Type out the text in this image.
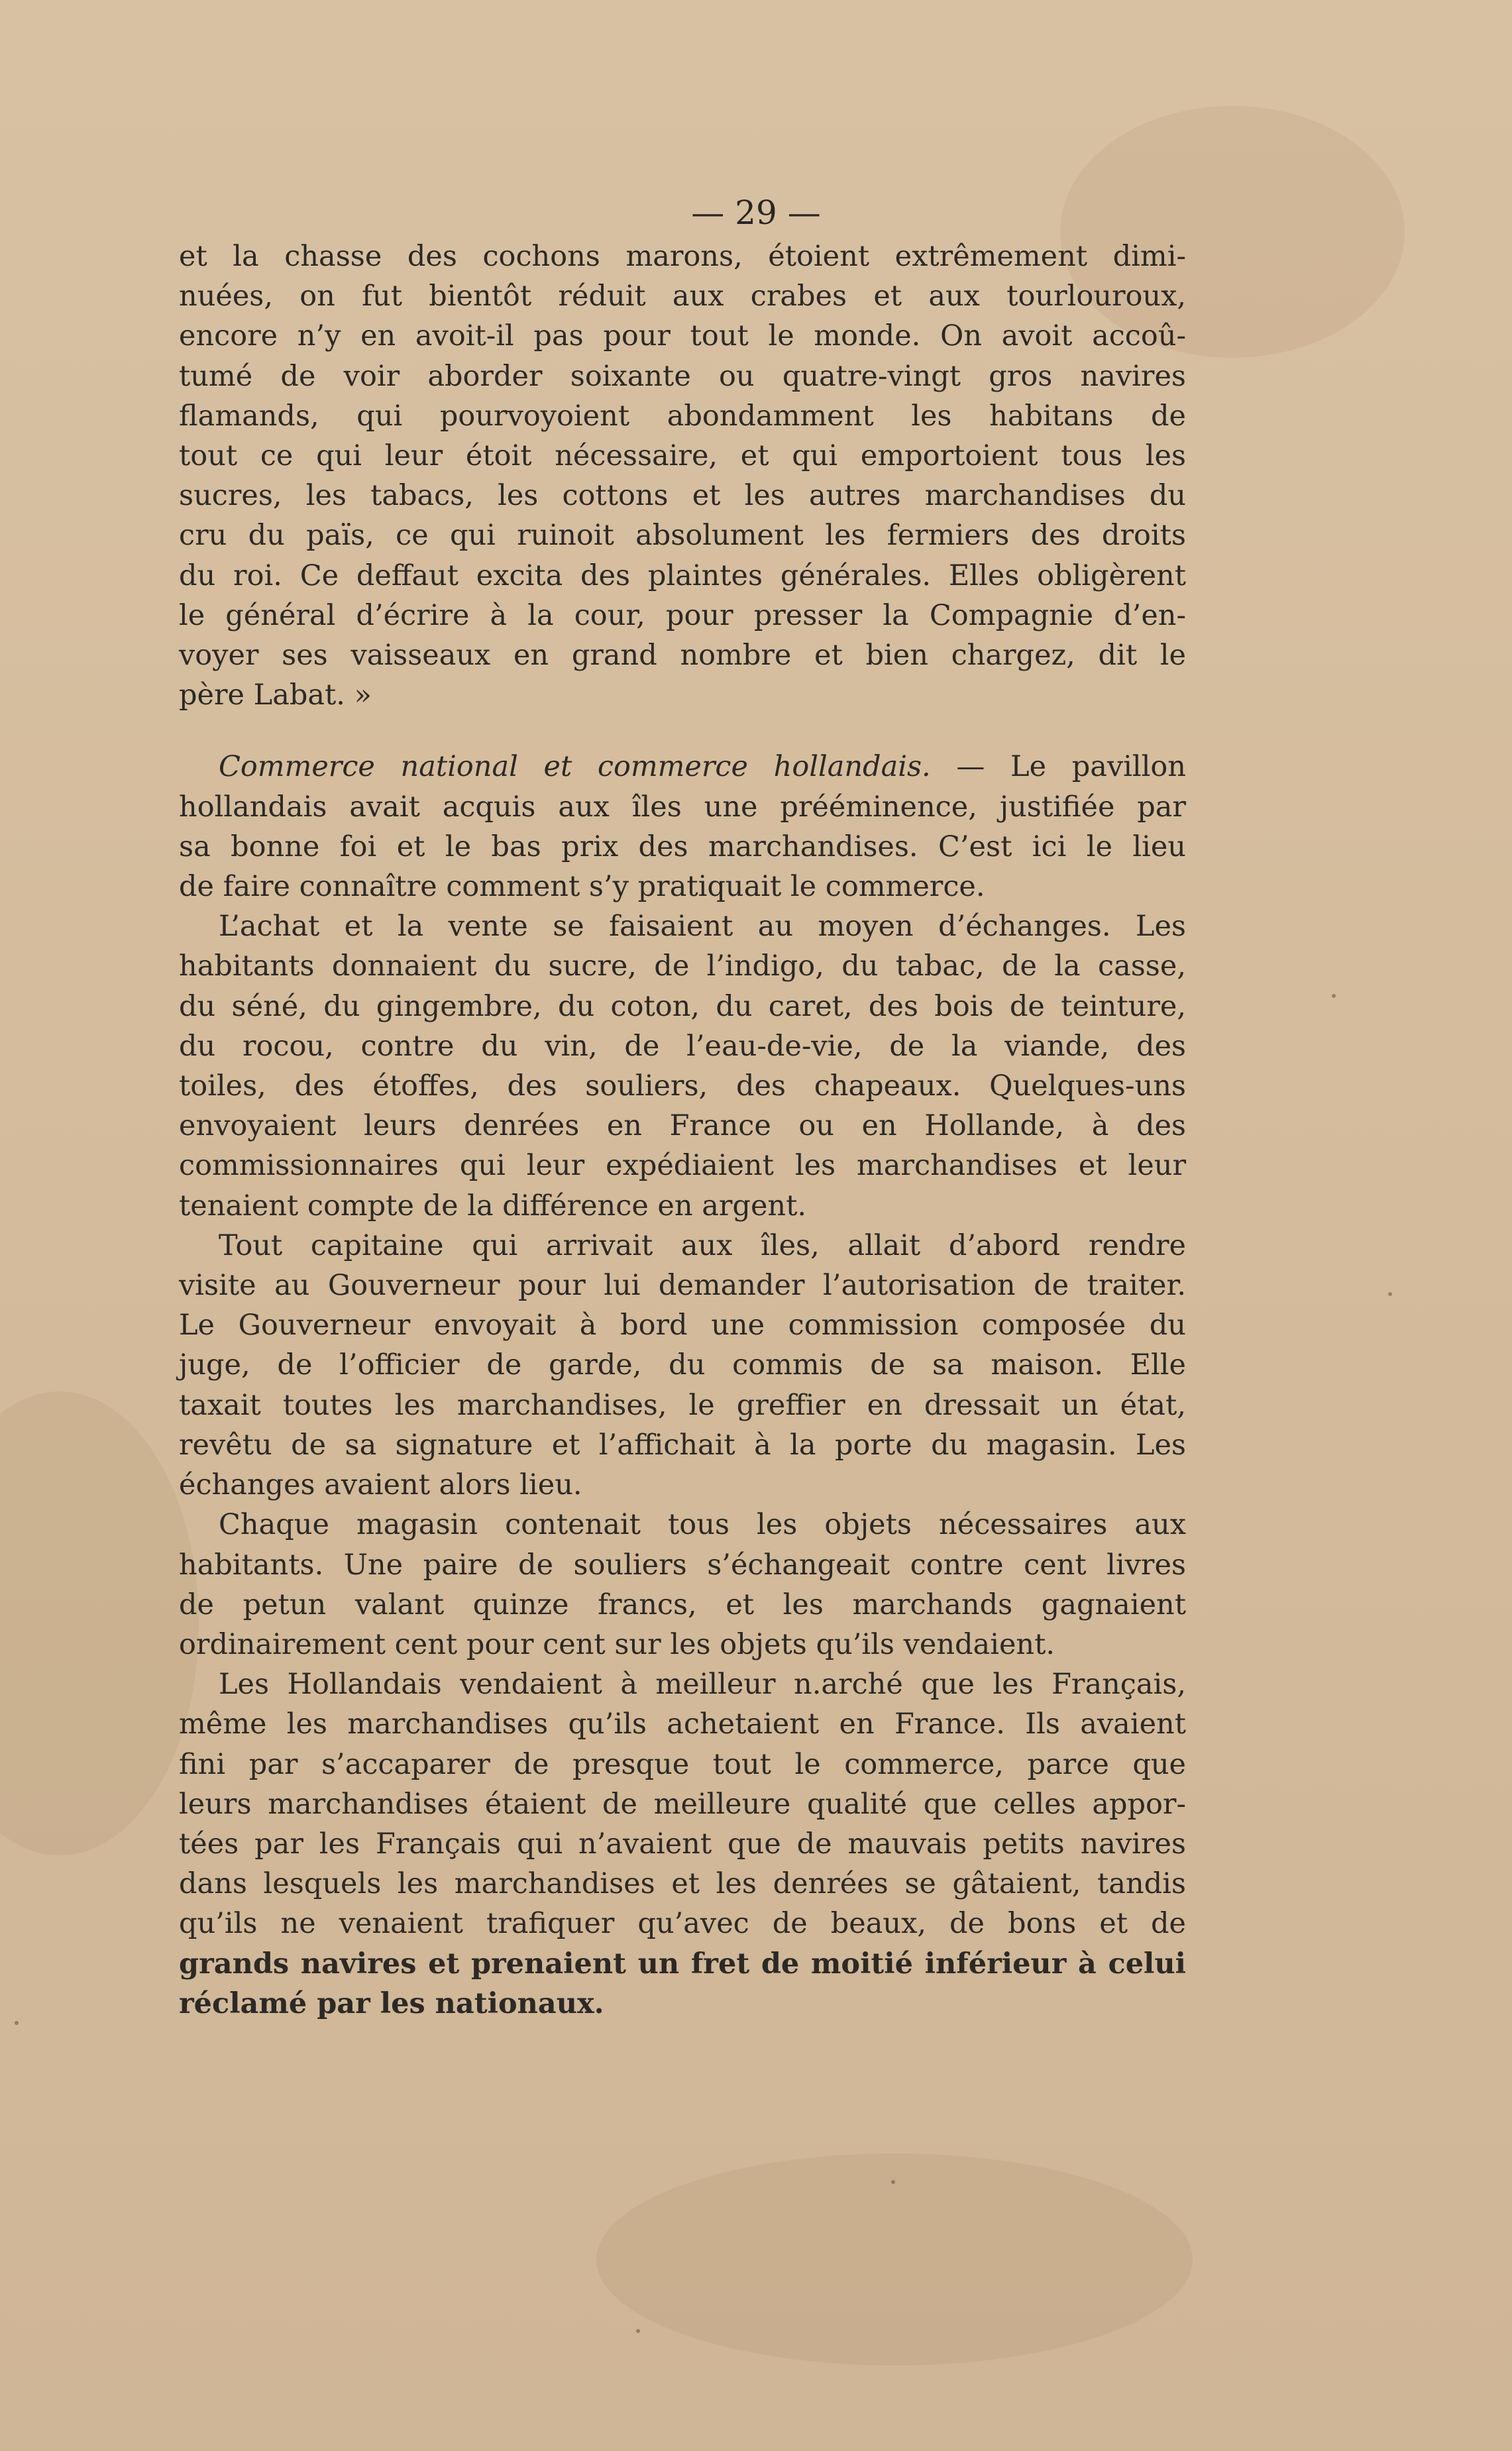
— 29 —
et la chasse des cochons marons, étoient extrêmement dimi-
nuées, on fut bientôt réduit aux crabes et aux tourlouroux,
encore n’y en avoit-il pas pour tout le monde. On avoit accoû-
tumé de voir aborder soixante ou quatre-vingt gros navires
flamands, qui pourvoyoient abondamment les habitans de
tout ce qui leur étoit nécessaire, et qui emportoient tous les
sucres, les tabacs, les cottons et les autres marchandises du
cru du païs, ce qui ruinoit absolument les fermiers des droits
du roi. Ce deffaut excita des plaintes générales. Elles obligèrent
le général d’écrire à la cour, pour presser la Compagnie d’en-
voyer ses vaisseaux en grand nombre et bien chargez, dit le
père Labat. »
Commerce national et commerce hollandais. — Le pavillon
hollandais avait acquis aux îles une prééminence, justifiée par
sa bonne foi et le bas prix des marchandises. C’est ici le lieu
de faire connaître comment s’y pratiquait le commerce.
L’achat et la vente se faisaient au moyen d’échanges. Les
habitants donnaient du sucre, de l’indigo, du tabac, de la casse,
du séné, du gingembre, du coton, du caret, des bois de teinture,
du rocou, contre du vin, de l’eau-de-vie, de la viande, des
toiles, des étoffes, des souliers, des chapeaux. Quelques-uns
envoyaient leurs denrées en France ou en Hollande, à des
commissionnaires qui leur expédiaient les marchandises et leur
tenaient compte de la différence en argent.
Tout capitaine qui arrivait aux îles, allait d’abord rendre
visite au Gouverneur pour lui demander l’autorisation de traiter.
Le Gouverneur envoyait à bord une commission composée du
juge, de l’officier de garde, du commis de sa maison. Elle
taxait toutes les marchandises, le greffier en dressait un état,
revêtu de sa signature et l’affichait à la porte du magasin. Les
échanges avaient alors lieu.
Chaque magasin contenait tous les objets nécessaires aux
habitants. Une paire de souliers s’échangeait contre cent livres
de petun valant quinze francs, et les marchands gagnaient
ordinairement cent pour cent sur les objets qu’ils vendaient.
Les Hollandais vendaient à meilleur n.arché que les Français,
même les marchandises qu’ils achetaient en France. Ils avaient
fini par s’accaparer de presque tout le commerce, parce que
leurs marchandises étaient de meilleure qualité que celles appor-
tées par les Français qui n’avaient que de mauvais petits navires
dans lesquels les marchandises et les denrées se gâtaient, tandis
qu’ils ne venaient trafiquer qu’avec de beaux, de bons et de
grands navires et prenaient un fret de moitié inférieur à celui
réclamé par les nationaux.
